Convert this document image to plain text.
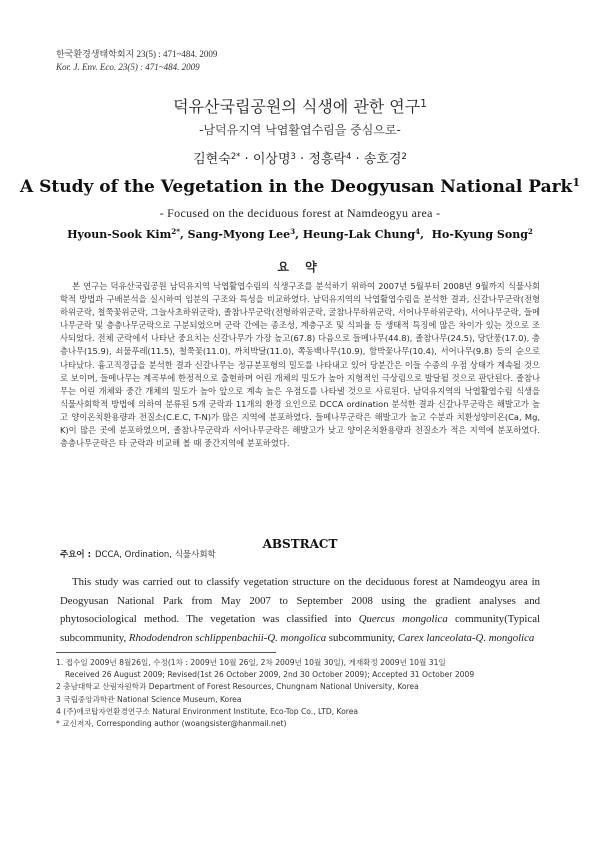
한국환경생태학회지 23(5) : 471~484. 2009
Kor. J. Env. Eco. 23(5) : 471~484. 2009
덕유산국립공원의 식생에 관한 연구$^1$
-남덕유지역 낙엽활엽수림을 중심으로-
김현숙$^{2*}$ · 이상명$^3$ · 정흥락$^4$ · 송호경$^2$
A Study of the Vegetation in the Deogyusan National Park$^1$
- Focused on the deciduous forest at Namdeogyu area -
Hyoun-Sook Kim$^{2*}$, Sang-Myong Lee$^3$, Heung-Lak Chung$^4$,  Ho-Kyung Song$^2$
요 약

본 연구는 덕유산국립공원 남덕유지역 낙엽활엽수림의 식생구조를 분석하기 위하여 2007년 5월부터 2008년 9월까지 식물사회학적 방법과 구배분석을 실시하여 임분의 구조와 특성을 비교하였다. 남덕유지역의 낙엽활엽수림을 분석한 결과, 신갈나무군락(전형하위군락, 철쭉꽃위군락, 그늘사초하위군락), 졸참나무군락(전형하위군락, 굴참나무하위군락, 서어나무하위군락), 서어나무군락, 들메나무군락 및 층층나무군락으로 구분되었으며 군락 간에는 종조성, 계층구조 및 식피율 등 생태적 특징에 많은 차이가 있는 것으로 조사되었다. 전체 군락에서 나타난 중요치는 신갈나무가 가장 높고(67.8) 다음으로 들메나무(44.8), 졸참나무(24.5), 당단풍(17.0), 층층나무(15.9), 쇠물푸레(11.5), 철쭉꽃(11.0), 까치박달(11.0), 쪽동백나무(10.9), 함박꽃나무(10.4), 서어나무(9.8) 등의 순으로 나타났다. 흉고직경급을 분석한 결과 신갈나무는 정규분포형의 밀도를 나타내고 있어 당분간은 이들 수종의 우점 상태가 계속될 것으로 보이며, 들메나무는 계곡부에 한정적으로 출현하며 어린 개체의 밀도가 높아 지형적인 극상림으로 발달될 것으로 판단된다. 졸참나무는 어린 개체와 중간 개체의 밀도가 높아 앞으로 계속 높은 우점도를 나타낼 것으로 사료된다. 남덕유지역의 낙엽활엽수림 식생을 식물사회학적 방법에 의하여 분류된 5개 군락과 11개의 환경 요인으로 DCCA ordination 분석한 결과 신갈나무군락은 해발고가 높고 양이온치환용량과 전질소(C.E.C, T-N)가 많은 지역에 분포하였다. 들메나무군락은 해발고가 높고 수분과 치환성양이온(Ca, Mg, K)이 많은 곳에 분포하였으며, 졸참나무군락과 서어나무군락은 해발고가 낮고 양이온치환용량과 전질소가 적은 지역에 분포하였다. 층층나무군락은 타 군락과 비교해 볼 때 중간지역에 분포하였다.

주요어 : DCCA, Ordination, 식물사회학
ABSTRACT

This study was carried out to classify vegetation structure on the deciduous forest at Namdeogyu area in Deogyusan National Park from May 2007 to September 2008 using the gradient analyses and phytosociological method. The vegetation was classified into Quercus mongolica community(Typical subcommunity, Rhododendron schlippenbachii-Q. mongolica subcommunity, Carex lanceolata-Q. mongolica

1. 접수일 2009년 8월26일, 수정(1차 : 2009년 10월 26일, 2차 2009년 10월 30일), 게재확정 2009년 10월 31일
Received 26 August 2009; Revised(1st 26 October 2009, 2nd 30 October 2009); Accepted 31 October 2009
2 충남대학교 산림자원학과 Department of Forest Resources, Chungnam National University, Korea
3 국립중앙과학관 National Science Museum, Korea
4 (주)에코탑자연환경연구소 Natural Environment Institute, Eco-Top Co., LTD, Korea
* 교신저자, Corresponding author (woangsister@hanmail.net)
